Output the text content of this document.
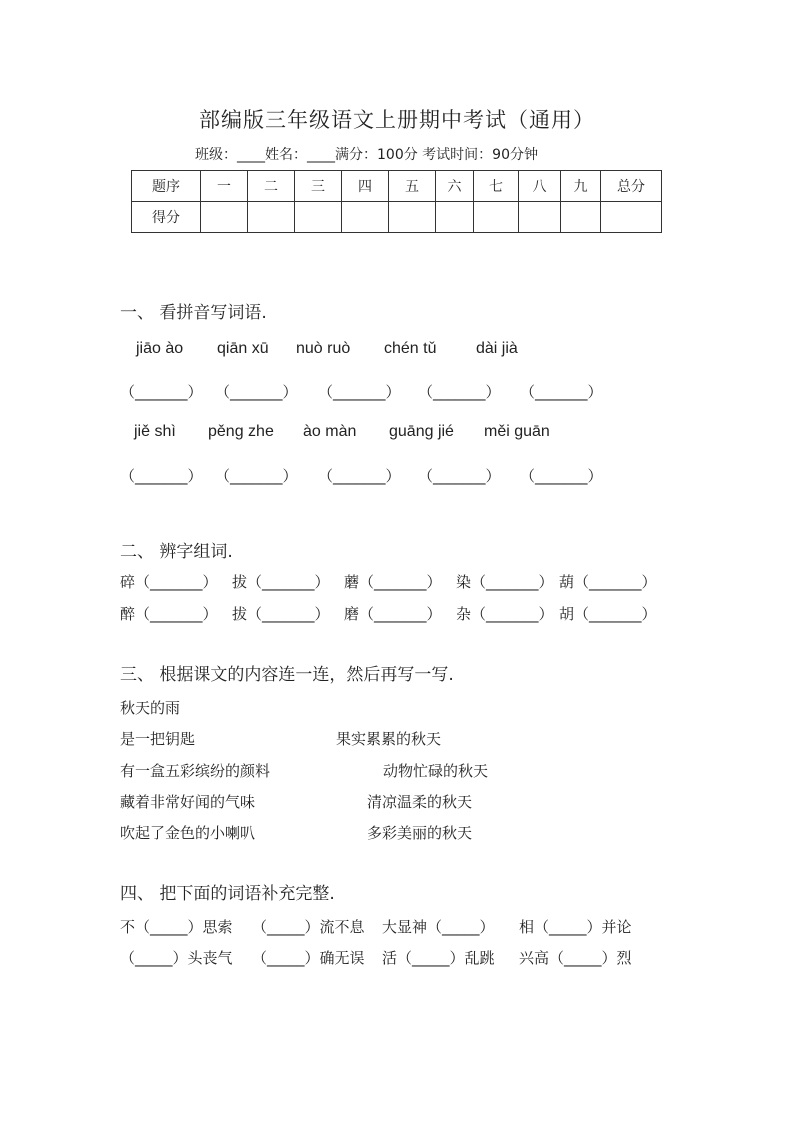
部编版三年级语文上册期中考试（通用）
班级：____姓名：____满分：100分 考试时间：90分钟
题序	一	二	三	四	五	六	七	八	九	总分
得分										
一、 看拼音写词语.
jiāo ào qiān xū nuò ruò chén tǔ dài jià
（_______） （_______） （_______） （_______） （_______）
jiě shì pěng zhe ào màn guāng jié měi guān
（_______） （_______） （_______） （_______） （_______）
二、 辨字组词.
碎（_______） 拔（_______） 蘑（_______） 染（_______） 葫（_______）
醉（_______） 拔（_______） 磨（_______） 杂（_______） 胡（_______）
三、 根据课文的内容连一连，然后再写一写.
秋天的雨
是一把钥匙
有一盒五彩缤纷的颜料
藏着非常好闻的气味
吹起了金色的小喇叭
果实累累的秋天
动物忙碌的秋天
清凉温柔的秋天
多彩美丽的秋天
四、 把下面的词语补充完整.
不（_____）思索 （_____）流不息 大显神（_____） 相（_____）并论
（_____）头丧气 （_____）确无误 活（_____）乱跳 兴高（_____）烈
